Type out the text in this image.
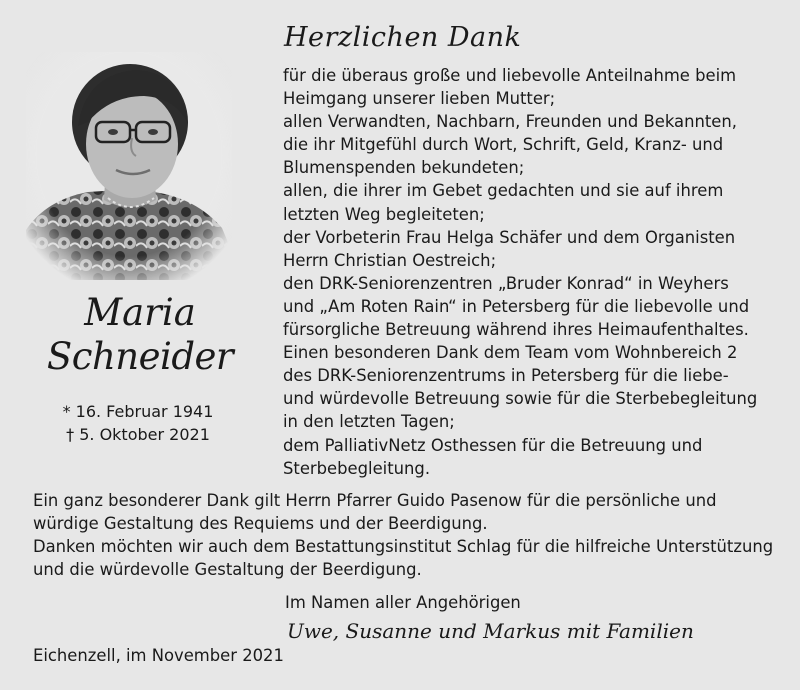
Herzlichen Dank
Maria
Schneider
* 16. Februar 1941
† 5. Oktober 2021
für die überaus große und liebevolle Anteilnahme beim
Heimgang unserer lieben Mutter;
allen Verwandten, Nachbarn, Freunden und Bekannten,
die ihr Mitgefühl durch Wort, Schrift, Geld, Kranz- und
Blumenspenden bekundeten;
allen, die ihrer im Gebet gedachten und sie auf ihrem
letzten Weg begleiteten;
der Vorbeterin Frau Helga Schäfer und dem Organisten
Herrn Christian Oestreich;
den DRK-Seniorenzentren „Bruder Konrad“ in Weyhers
und „Am Roten Rain“ in Petersberg für die liebevolle und
fürsorgliche Betreuung während ihres Heimaufenthaltes.
Einen besonderen Dank dem Team vom Wohnbereich 2
des DRK-Seniorenzentrums in Petersberg für die liebe-
und würdevolle Betreuung sowie für die Sterbebegleitung
in den letzten Tagen;
dem PalliativNetz Osthessen für die Betreuung und
Sterbebegleitung.
Ein ganz besonderer Dank gilt Herrn Pfarrer Guido Pasenow für die persönliche und
würdige Gestaltung des Requiems und der Beerdigung.
Danken möchten wir auch dem Bestattungsinstitut Schlag für die hilfreiche Unterstützung
und die würdevolle Gestaltung der Beerdigung.
Im Namen aller Angehörigen
Uwe, Susanne und Markus mit Familien
Eichenzell, im November 2021
